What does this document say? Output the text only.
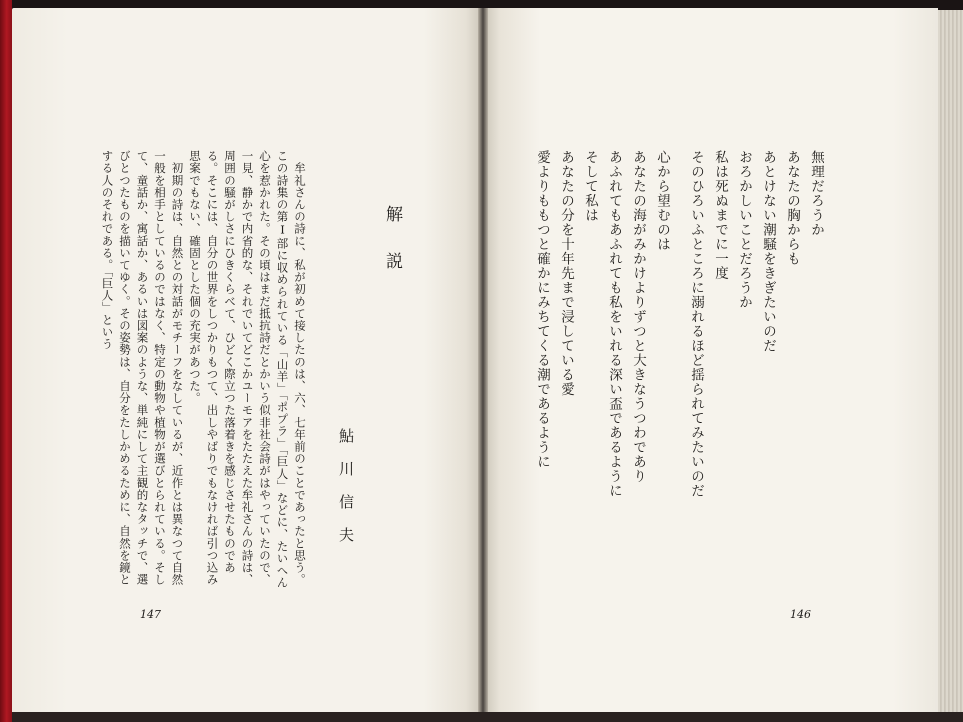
無理だろうか
あなたの胸からも
あとけない潮騒をきぎたいのだ
おろかしいことだろうか
私は死ぬまでに一度
そのひろいふところに溺れるほど揺られてみたいのだ
心から望むのは
あなたの海がみかけよりずつと大きなうつわであり
あふれてもあふれても私をいれる深い盃であるように
そして私は
あなたの分を十年先まで浸している愛
愛よりももつと確かにみちてくる潮であるように
146
解説
鮎川信夫
　牟礼さんの詩に、私が初めて接したのは、六、七年前のことであったと思う。この詩集の第Ⅰ部に収められている「山羊」「ポプラ」「巨人」などに、たいへん心を惹かれた。その頃はまだ抵抗詩だとかいう似非社会詩がはやっていたので、一見、静かで内省的な、それでいてどこかユーモアをたたえた牟礼さんの詩は、周囲の騒がしさにひきくらべて、ひどく際立つた落着きを感じさせたものである。そこには、自分の世界をしつかりもつて、出しやばりでもなければ引つ込み思案でもない、確固とした個の充実があつた。
　初期の詩は、自然との対話がモチーフをなしているが、近作とは異なつて自然一般を相手としているのではなく、特定の動物や植物が選びとられている。そして、童話か、寓話か、あるいは図案のような、単純にして主観的なタッチで、選びとつたものを描いてゆく。その姿勢は、自分をたしかめるために、自然を鏡とする人のそれである。「巨人」という
147
